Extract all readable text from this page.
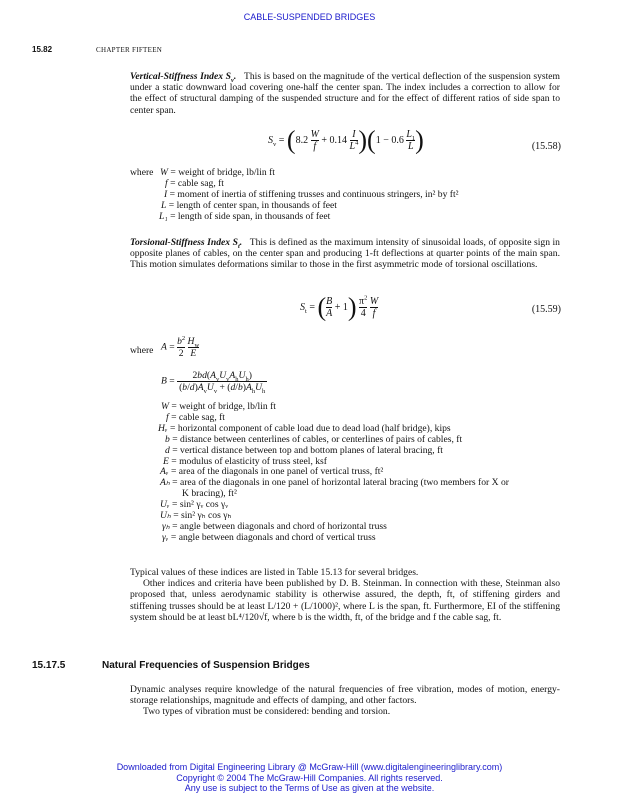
CABLE-SUSPENDED BRIDGES
15.82	CHAPTER FIFTEEN

Vertical-Stiffness Index $S_v$. This is based on the magnitude of the vertical deflection of the suspension system under a static downward load covering one-half the center span. The index includes a correction to allow for the effect of structural damping of the suspended structure and for the effect of different ratios of side span to center span.

$S_v = (8.2 \frac{W}{f} + 0.14 \frac{I}{L^4} )(1 - 0.6 \frac{L_1}{L}$ )	(15.58)
where W = weight of bridge, lb/lin ft
f = cable sag, ft
I = moment of inertia of stiffening trusses and continuous stringers, in² by ft²
L = length of center span, in thousands of feet
L₁ = length of side span, in thousands of feet

Torsional-Stiffness Index $S_t$. This is defined as the maximum intensity of sinusoidal loads, of opposite sign in opposite planes of cables, on the center span and producing 1-ft deflections at quarter points of the main span. This motion simulates deformations similar to those in the first asymmetric mode of torsional oscillations.

$S_t$ = ( $\frac{B}{A} + 1) \frac{\pi^2}{4}$
$\frac{W}{f}$	(15.59)
where $A = \frac{b^2}{2}$
$\frac{H_w}{E}$
$B = \frac{2bd(A_vU_vA_hU_h)}{(b/d)A_vU_v + (d/b)A_hU_h}$
W = weight of bridge, lb/lin ft
f = cable sag, ft
Hᵥ = horizontal component of cable load due to dead load (half bridge), kips
b = distance between centerlines of cables, or centerlines of pairs of cables, ft
d = vertical distance between top and bottom planes of lateral bracing, ft
E = modulus of elasticity of truss steel, ksf
Aᵥ = area of the diagonals in one panel of vertical truss, ft²
Aₕ = area of the diagonals in one panel of horizontal lateral bracing (two members for X or
K bracing), ft²
Uᵥ = sin² γᵥ cos γᵥ
Uₕ = sin² γₕ cos γₕ
γₕ = angle between diagonals and chord of horizontal truss
γᵥ = angle between diagonals and chord of vertical truss

Typical values of these indices are listed in Table 15.13 for several bridges.

Other indices and criteria have been published by D. B. Steinman. In connection with these, Steinman also proposed that, unless aerodynamic stability is otherwise assured, the depth, ft, of stiffening girders and stiffening trusses should be at least L/120 + (L/1000)², where L is the span, ft. Furthermore, EI of the stiffening system should be at least bL⁴/120√f, where b is the width, ft, of the bridge and f the cable sag, ft.

15.17.5	Natural Frequencies of Suspension Bridges

Dynamic analyses require knowledge of the natural frequencies of free vibration, modes of motion, energy-storage relationships, magnitude and effects of damping, and other factors.

Two types of vibration must be considered: bending and torsion.

Downloaded from Digital Engineering Library @ McGraw-Hill (www.digitalengineeringlibrary.com)
Copyright © 2004 The McGraw-Hill Companies. All rights reserved.
Any use is subject to the Terms of Use as given at the website.
